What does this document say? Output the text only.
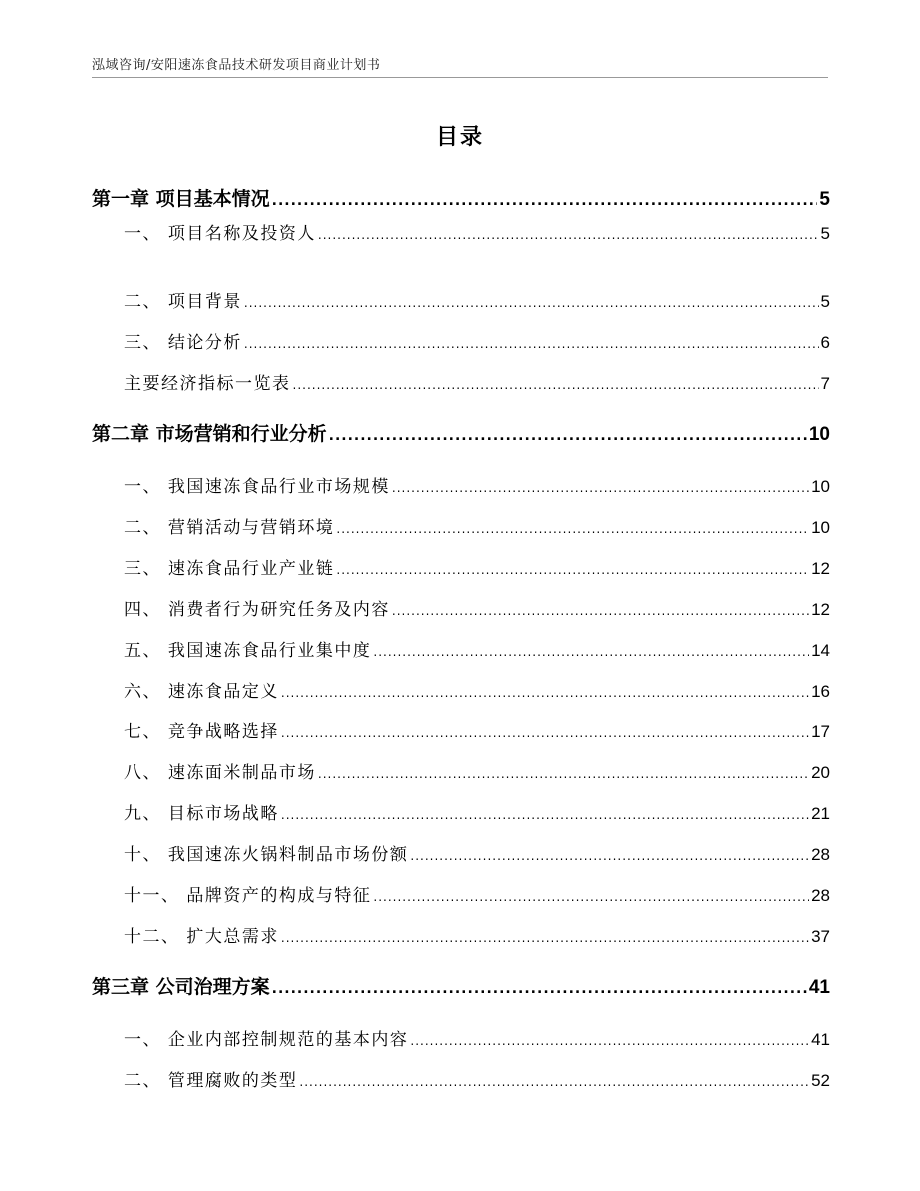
泓域咨询/安阳速冻食品技术研发项目商业计划书
目录
第一章 项目基本情况 .....	5
一、 项目名称及投资人 .....	5
二、 项目背景 .....	5
三、 结论分析 .....	6
主要经济指标一览表 .....	7
第二章 市场营销和行业分析 .....	10
一、 我国速冻食品行业市场规模 .....	10
二、 营销活动与营销环境 .....	10
三、 速冻食品行业产业链 .....	12
四、 消费者行为研究任务及内容 .....	12
五、 我国速冻食品行业集中度 .....	14
六、 速冻食品定义 .....	16
七、 竞争战略选择 .....	17
八、 速冻面米制品市场 .....	20
九、 目标市场战略 .....	21
十、 我国速冻火锅料制品市场份额 .....	28
十一、 品牌资产的构成与特征 .....	28
十二、 扩大总需求 .....	37
第三章 公司治理方案 .....	41
一、 企业内部控制规范的基本内容 .....	41
二、 管理腐败的类型 .....	52
